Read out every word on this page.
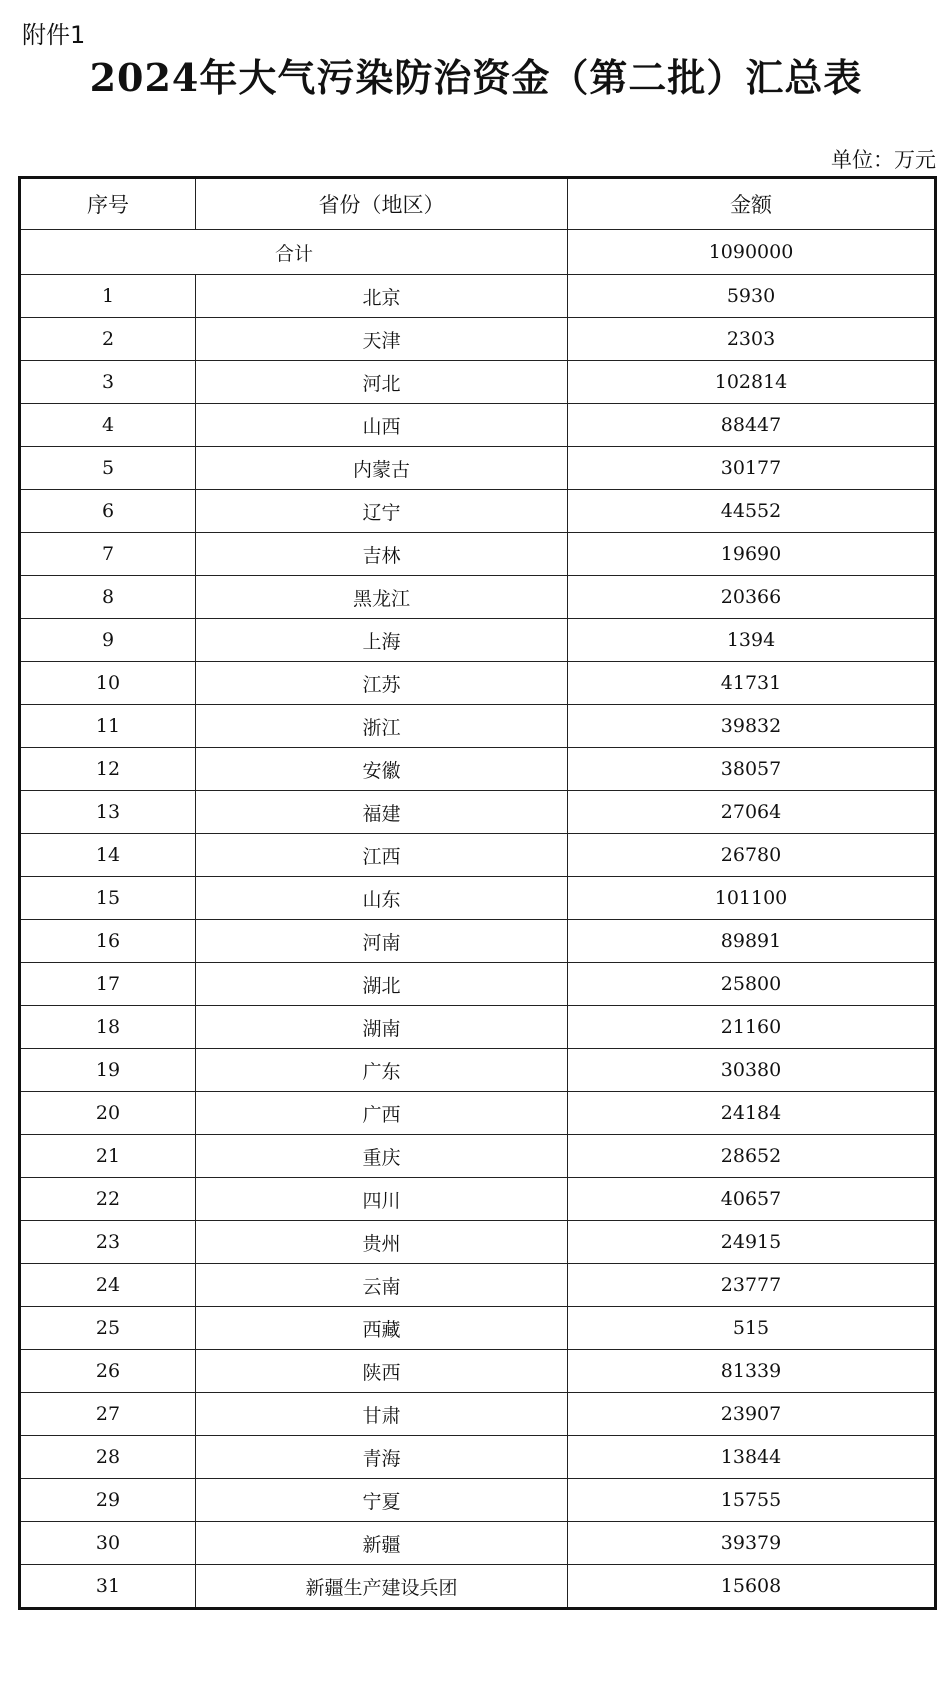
附件1
2024年大气污染防治资金（第二批）汇总表
单位：万元
序号	省份（地区）	金额
合计		1090000
1	北京	5930
2	天津	2303
3	河北	102814
4	山西	88447
5	内蒙古	30177
6	辽宁	44552
7	吉林	19690
8	黑龙江	20366
9	上海	1394
10	江苏	41731
11	浙江	39832
12	安徽	38057
13	福建	27064
14	江西	26780
15	山东	101100
16	河南	89891
17	湖北	25800
18	湖南	21160
19	广东	30380
20	广西	24184
21	重庆	28652
22	四川	40657
23	贵州	24915
24	云南	23777
25	西藏	515
26	陕西	81339
27	甘肃	23907
28	青海	13844
29	宁夏	15755
30	新疆	39379
31	新疆生产建设兵团	15608
